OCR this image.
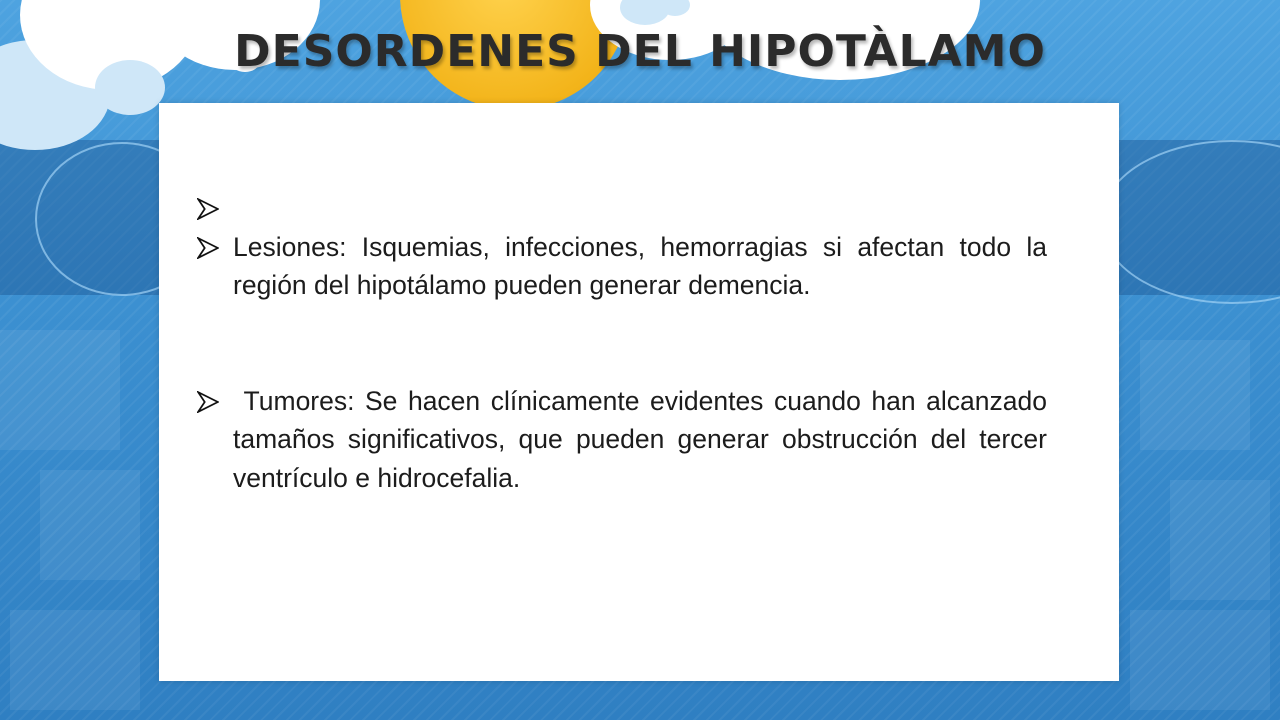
DESORDENES DEL HIPOTÀLAMO
Lesiones: Isquemias, infecciones, hemorragias si afectan todo la región del hipotálamo pueden generar demencia.
Tumores: Se hacen clínicamente evidentes cuando han alcanzado tamaños significativos, que pueden generar obstrucción del tercer ventrículo e hidrocefalia.
